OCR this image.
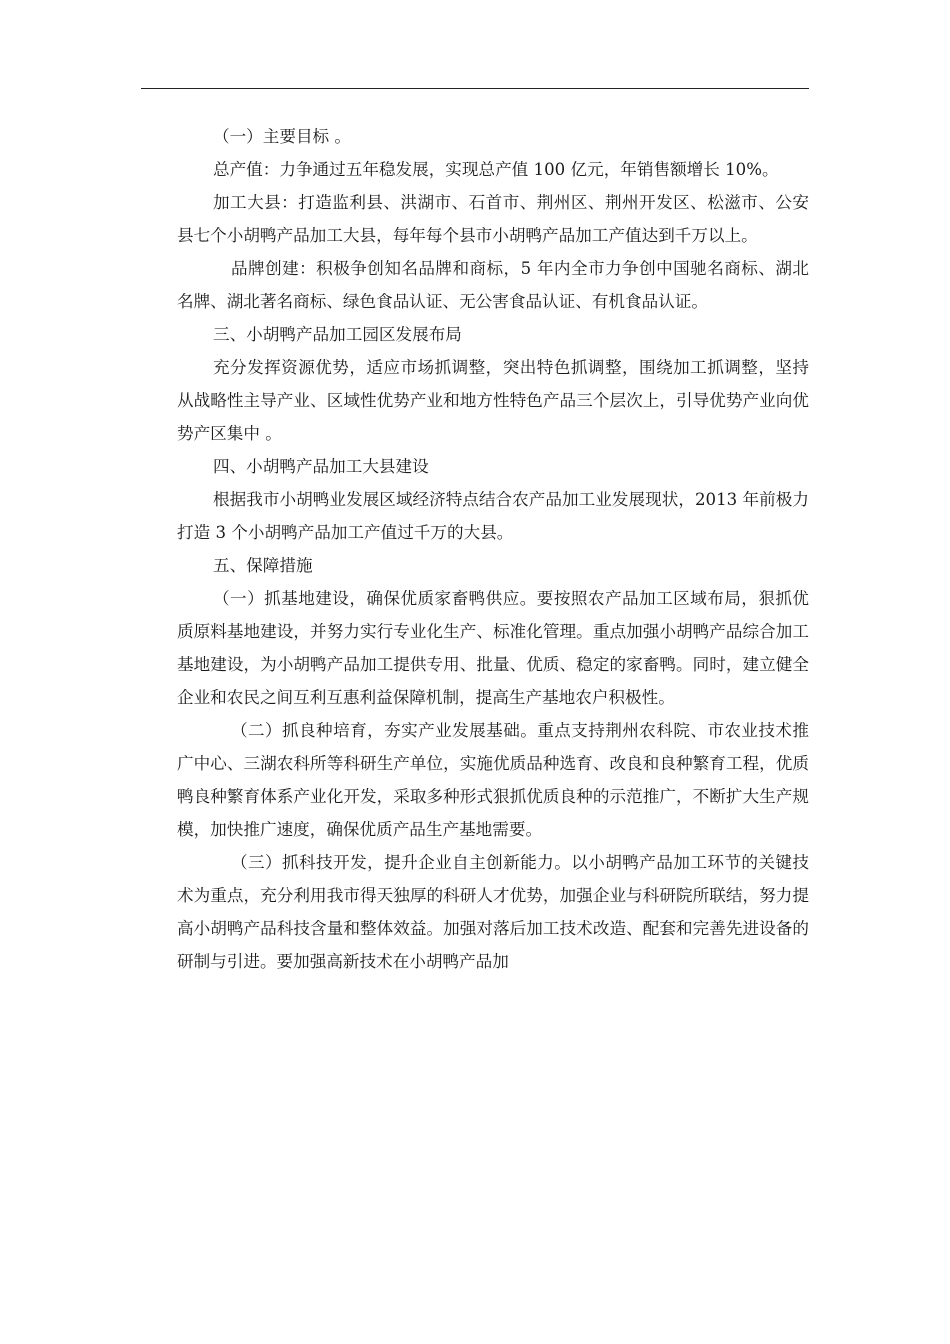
（一）主要目标 。

总产值：力争通过五年稳发展，实现总产值 100 亿元，年销售额增长 10%。

加工大县：打造监利县、洪湖市、石首市、荆州区、荆州开发区、松滋市、公安县七个小胡鸭产品加工大县，每年每个县市小胡鸭产品加工产值达到千万以上。

品牌创建：积极争创知名品牌和商标，5 年内全市力争创中国驰名商标、湖北名牌、湖北著名商标、绿色食品认证、无公害食品认证、有机食品认证。

三、小胡鸭产品加工园区发展布局

充分发挥资源优势，适应市场抓调整，突出特色抓调整，围绕加工抓调整，坚持从战略性主导产业、区域性优势产业和地方性特色产品三个层次上，引导优势产业向优势产区集中 。

四、小胡鸭产品加工大县建设

根据我市小胡鸭业发展区域经济特点结合农产品加工业发展现状，2013 年前极力打造 3 个小胡鸭产品加工产值过千万的大县。

五、保障措施

（一）抓基地建设，确保优质家畜鸭供应。要按照农产品加工区域布局，狠抓优质原料基地建设，并努力实行专业化生产、标准化管理。重点加强小胡鸭产品综合加工基地建设，为小胡鸭产品加工提供专用、批量、优质、稳定的家畜鸭。同时，建立健全企业和农民之间互利互惠利益保障机制，提高生产基地农户积极性。

（二）抓良种培育，夯实产业发展基础。重点支持荆州农科院、市农业技术推广中心、三湖农科所等科研生产单位，实施优质品种选育、改良和良种繁育工程，优质鸭良种繁育体系产业化开发，采取多种形式狠抓优质良种的示范推广，不断扩大生产规模，加快推广速度，确保优质产品生产基地需要。

（三）抓科技开发，提升企业自主创新能力。以小胡鸭产品加工环节的关键技术为重点，充分利用我市得天独厚的科研人才优势，加强企业与科研院所联结，努力提高小胡鸭产品科技含量和整体效益。加强对落后加工技术改造、配套和完善先进设备的研制与引进。要加强高新技术在小胡鸭产品加
